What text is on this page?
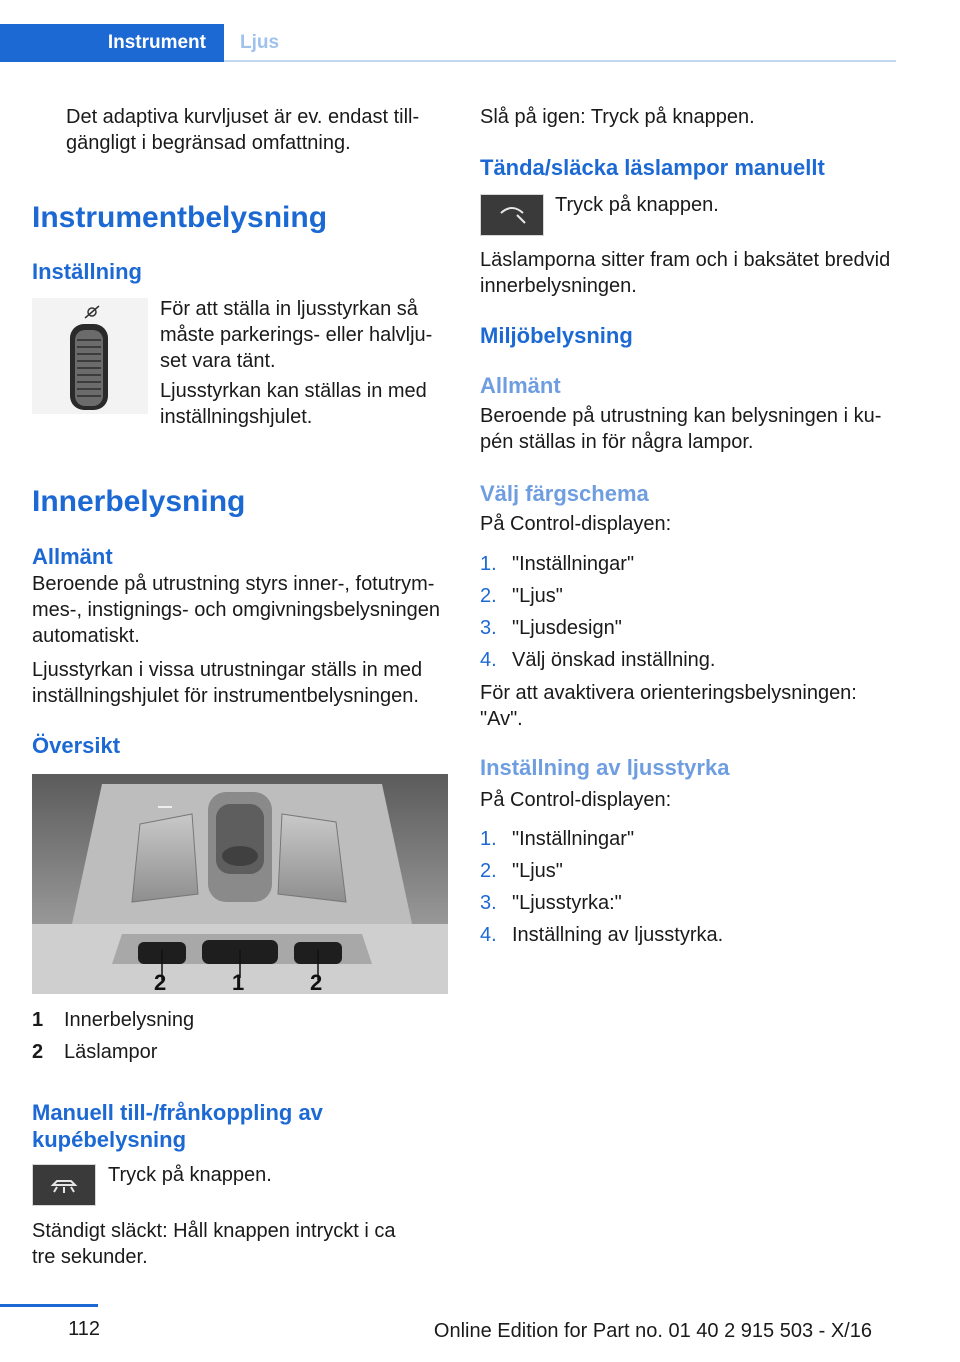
Instrument	Ljus
Det adaptiva kurvljuset är ev. endast tillgängligt i begränsad omfattning.
Instrumentbelysning
Inställning
För att ställa in ljusstyrkan så måste parkerings- eller halvljuset vara tänt.
Ljusstyrkan kan ställas in med inställningshjulet.
Innerbelysning
Allmänt
Beroende på utrustning styrs inner-, fotutrymmes-, instignings- och omgivningsbelysningen automatiskt.
Ljusstyrkan i vissa utrustningar ställs in med inställningshjulet för instrumentbelysningen.
Översikt
2	1	2
1 Innerbelysning
2 Läslampor
Manuell till-/frånkoppling av kupébelysning
Tryck på knappen.
Ständigt släckt: Håll knappen intryckt i ca tre sekunder.
Slå på igen: Tryck på knappen.
Tända/släcka läslampor manuellt
Tryck på knappen.
Läslamporna sitter fram och i baksätet bredvid innerbelysningen.
Miljöbelysning
Allmänt
Beroende på utrustning kan belysningen i kupén ställas in för några lampor.
Välj färgschema
På Control-displayen:
1. "Inställningar"
2. "Ljus"
3. "Ljusdesign"
4. Välj önskad inställning.
För att avaktivera orienteringsbelysningen: "Av".
Inställning av ljusstyrka
På Control-displayen:
1. "Inställningar"
2. "Ljus"
3. "Ljusstyrka:"
4. Inställning av ljusstyrka.
112	Online Edition for Part no. 01 40 2 915 503 - X/16
